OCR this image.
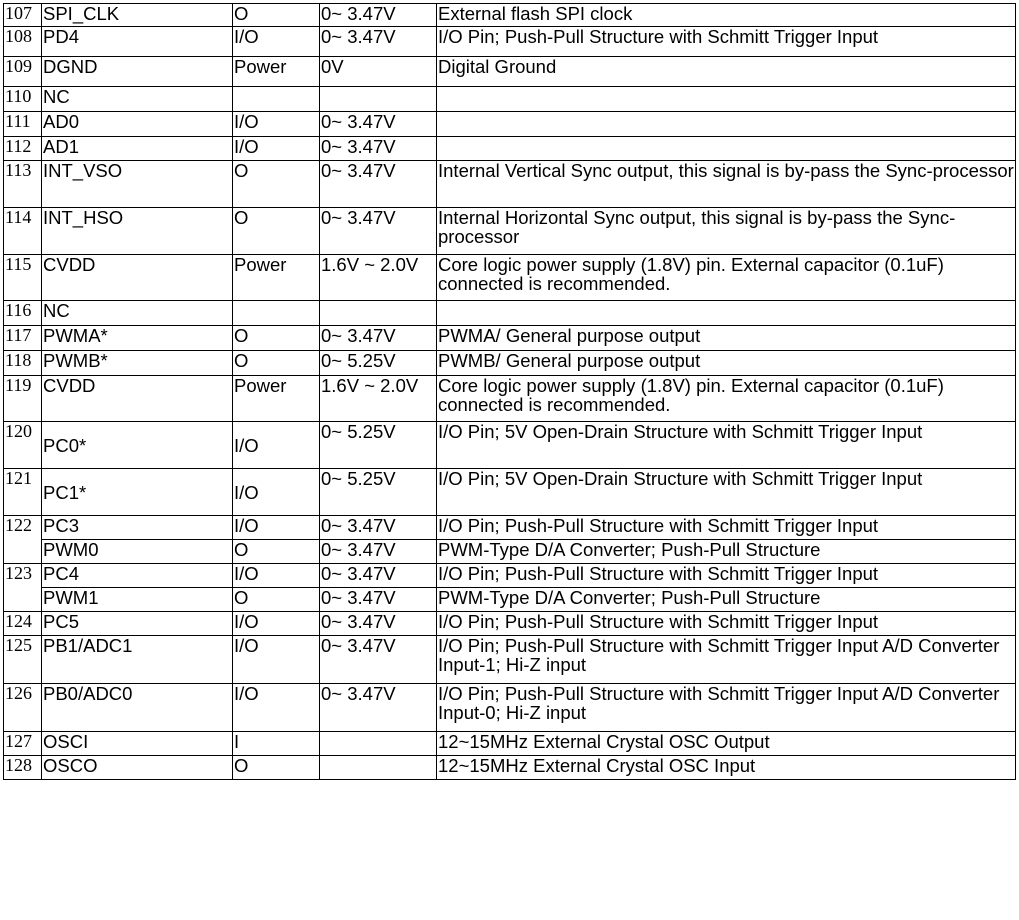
107	SPI_CLK	O	0~ 3.47V	External flash SPI clock
108	PD4	I/O	0~ 3.47V	I/O Pin; Push-Pull Structure with Schmitt Trigger Input
109	DGND	Power	0V	Digital Ground
110	NC			
111	AD0	I/O	0~ 3.47V	
112	AD1	I/O	0~ 3.47V	
113	INT_VSO	O	0~ 3.47V	Internal Vertical Sync output, this signal is by-pass the Sync-processor
114	INT_HSO	O	0~ 3.47V	Internal Horizontal Sync output, this signal is by-pass the Sync-processor
115	CVDD	Power	1.6V ~ 2.0V	Core logic power supply (1.8V) pin. External capacitor (0.1uF) connected is recommended.
116	NC			
117	PWMA*	O	0~ 3.47V	PWMA/ General purpose output
118	PWMB*	O	0~ 5.25V	PWMB/ General purpose output
119	CVDD	Power	1.6V ~ 2.0V	Core logic power supply (1.8V) pin. External capacitor (0.1uF) connected is recommended.
120	PC0*	I/O	0~ 5.25V	I/O Pin; 5V Open-Drain Structure with Schmitt Trigger Input
121	PC1*	I/O	0~ 5.25V	I/O Pin; 5V Open-Drain Structure with Schmitt Trigger Input
122	PC3	I/O	0~ 3.47V	I/O Pin; Push-Pull Structure with Schmitt Trigger Input
	PWM0	O	0~ 3.47V	PWM-Type D/A Converter; Push-Pull Structure
123	PC4	I/O	0~ 3.47V	I/O Pin; Push-Pull Structure with Schmitt Trigger Input
	PWM1	O	0~ 3.47V	PWM-Type D/A Converter; Push-Pull Structure
124	PC5	I/O	0~ 3.47V	I/O Pin; Push-Pull Structure with Schmitt Trigger Input
125	PB1/ADC1	I/O	0~ 3.47V	I/O Pin; Push-Pull Structure with Schmitt Trigger Input A/D Converter Input-1; Hi-Z input
126	PB0/ADC0	I/O	0~ 3.47V	I/O Pin; Push-Pull Structure with Schmitt Trigger Input A/D Converter Input-0; Hi-Z input
127	OSCI	I		12~15MHz External Crystal OSC Output
128	OSCO	O		12~15MHz External Crystal OSC Input
